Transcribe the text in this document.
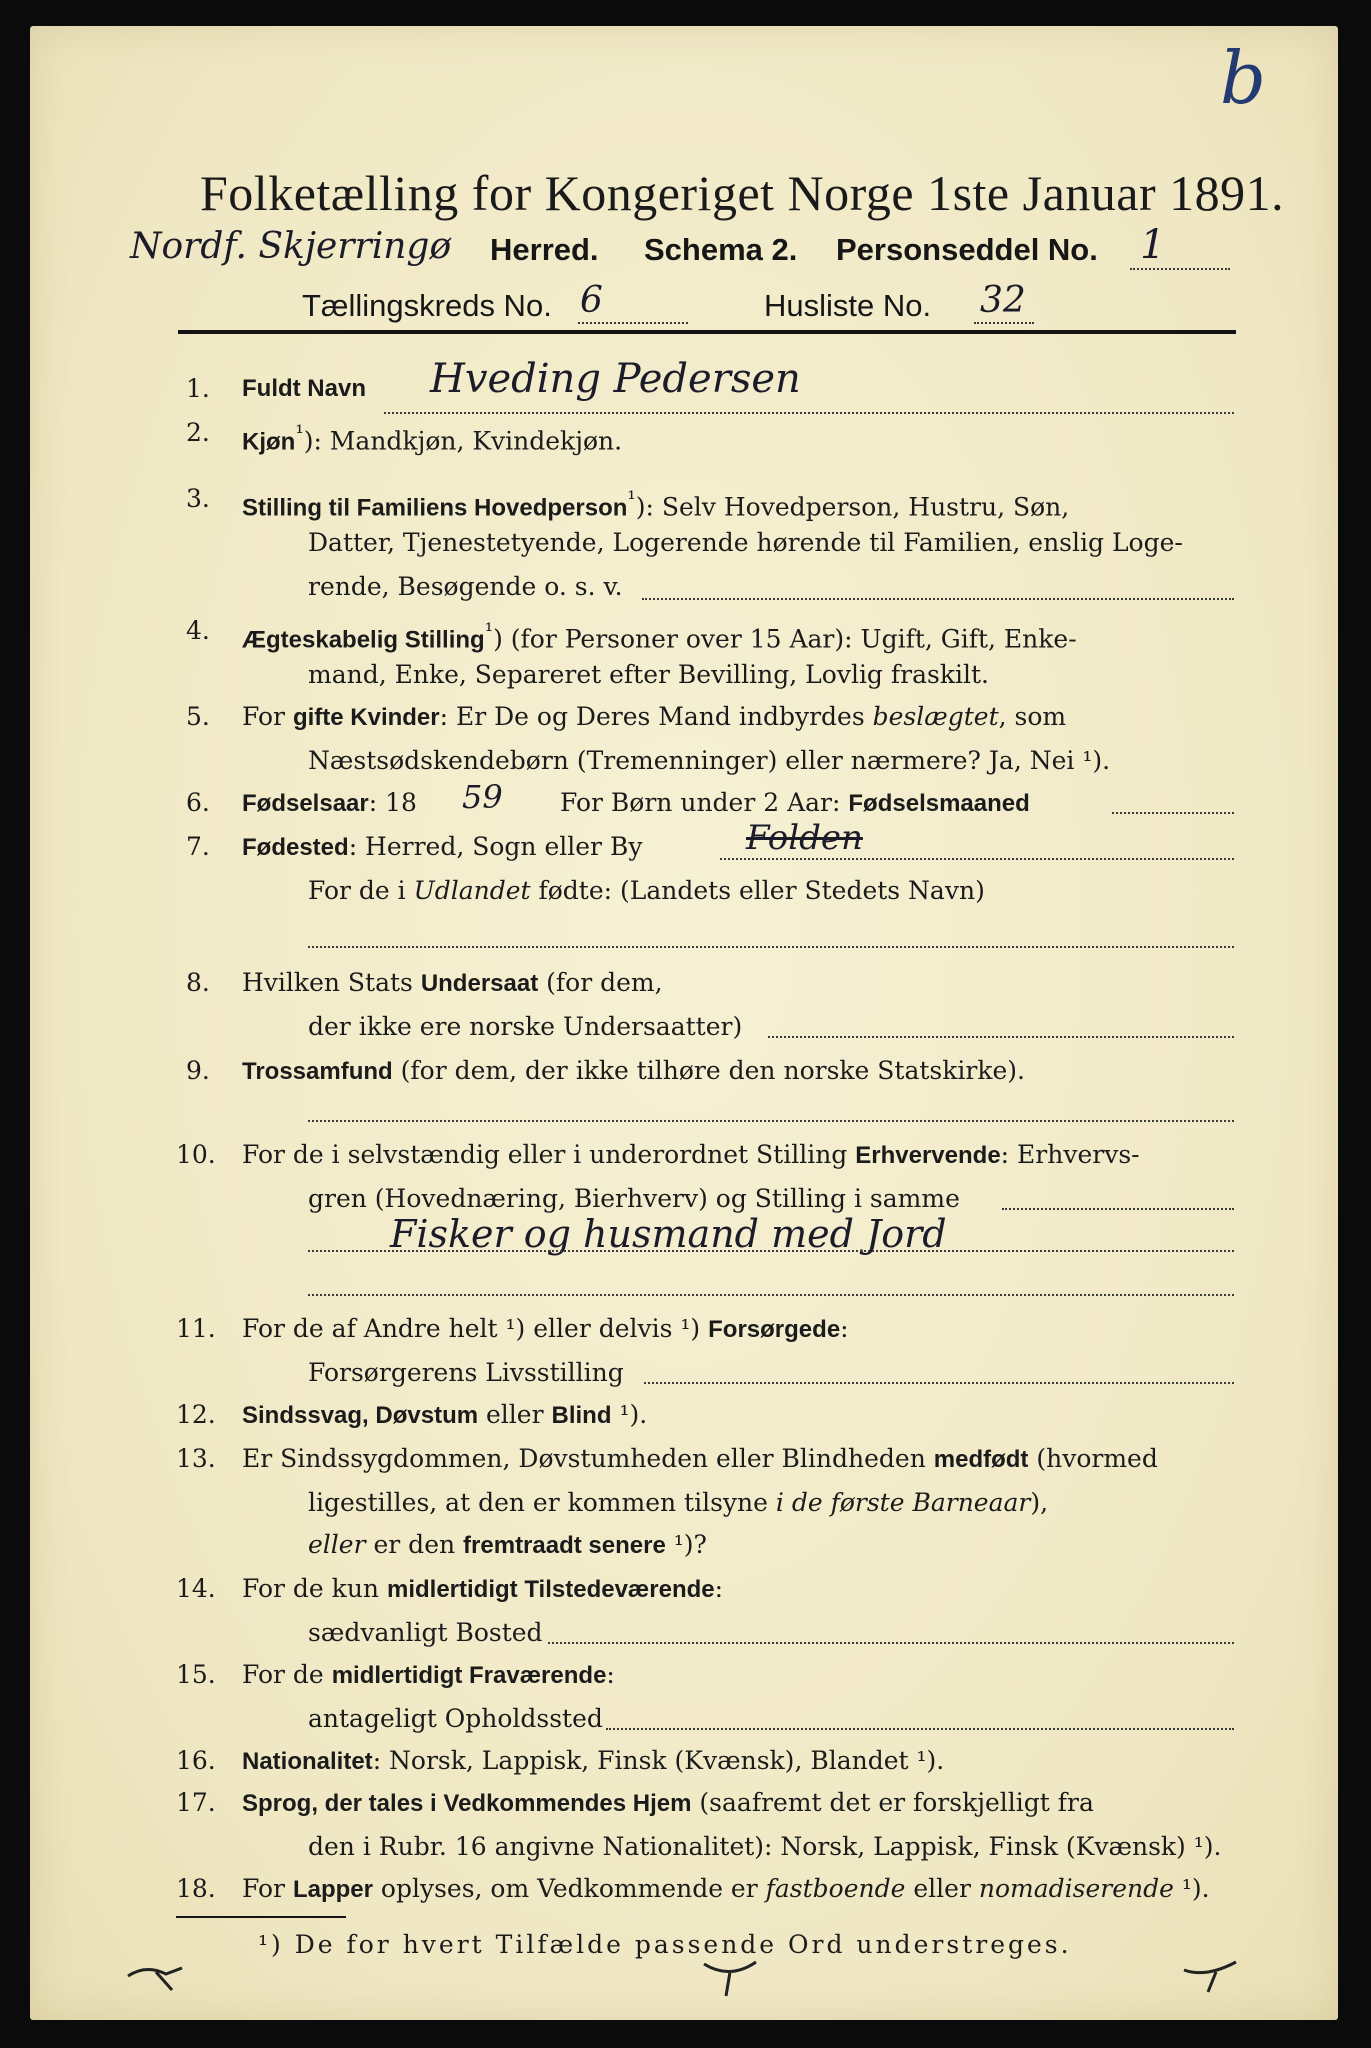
b
Folketælling for Kongeriget Norge 1ste Januar 1891.
Nordf. Skjerringø Herred. Schema 2. Personseddel No. 1
Tællingskreds No. 6	Husliste No. 32
1.	Fuldt Navn Hveding Pedersen
2.	Kjøn$^{^1}$): Mandkjøn, Kvindekjøn.
3.	Stilling til Familiens Hovedperson$^{^1}$): Selv Hovedperson, Hustru, Søn,
Datter, Tjenestetyende, Logerende hørende til Familien, enslig Loge-
rende, Besøgende o. s. v.
4.	Ægteskabelig Stilling$^{^1}$) (for Personer over 15 Aar): Ugift, Gift, Enke-
mand, Enke, Separeret efter Bevilling, Lovlig fraskilt.
5.	For gifte Kvinder: Er De og Deres Mand indbyrdes beslægtet, som
Næstsødskendebørn (Tremenninger) eller nærmere? Ja, Nei ¹).
6.	Fødselsaar: 18 59 For Børn under 2 Aar: Fødselsmaaned
7.	Fødested: Herred, Sogn eller By	Folden
For de i Udlandet fødte: (Landets eller Stedets Navn)
8.	Hvilken Stats Undersaat (for dem,
der ikke ere norske Undersaatter)
9.	Trossamfund (for dem, der ikke tilhøre den norske Statskirke).
10.	For de i selvstændig eller i underordnet Stilling Erhvervende: Erhvervs-
gren (Hovednæring, Bierhverv) og Stilling i samme
Fisker og husmand med Jord
11.	For de af Andre helt ¹) eller delvis ¹) Forsørgede:
Forsørgerens Livsstilling
12.	Sindssvag, Døvstum eller Blind ¹).
13.	Er Sindssygdommen, Døvstumheden eller Blindheden medfødt (hvormed
ligestilles, at den er kommen tilsyne i de første Barneaar),
eller er den fremtraadt senere ¹)?
14.	For de kun midlertidigt Tilstedeværende:
sædvanligt Bosted
15.	For de midlertidigt Fraværende:
antageligt Opholdssted
16.	Nationalitet: Norsk, Lappisk, Finsk (Kvænsk), Blandet ¹).
17.	Sprog, der tales i Vedkommendes Hjem (saafremt det er forskjelligt fra
den i Rubr. 16 angivne Nationalitet): Norsk, Lappisk, Finsk (Kvænsk) ¹).
18.	For Lapper oplyses, om Vedkommende er fastboende eller nomadiserende ¹).
¹) De for hvert Tilfælde passende Ord understreges.
